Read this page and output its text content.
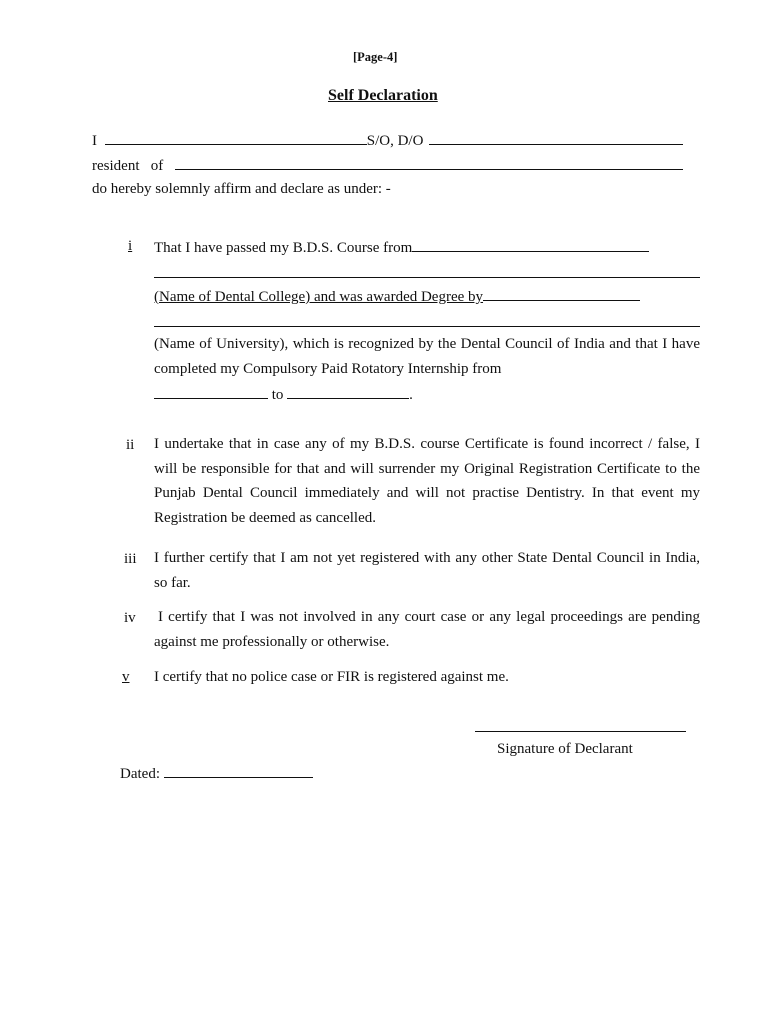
[Page-4]
Self Declaration
I	S/O, D/O
resident   of
do hereby solemnly affirm and declare as under: -
i That I have passed my B.D.S. Course from
(Name of Dental College) and was awarded Degree by

(Name of University), which is recognized by the Dental Council of India and that I have completed my Compulsory Paid Rotatory Internship from

to	.
ii I undertake that in case any of my B.D.S. course Certificate is found incorrect / false, I will be responsible for that and will surrender my Original Registration Certificate to the Punjab Dental Council immediately and will not practise Dentistry. In that event my Registration be deemed as cancelled.

iii I further certify that I am not yet registered with any other State Dental Council in India, so far.

iv I certify that I was not involved in any court case or any legal proceedings are pending against me professionally or otherwise.

v I certify that no police case or FIR is registered against me.
Signature of Declarant
Dated:
